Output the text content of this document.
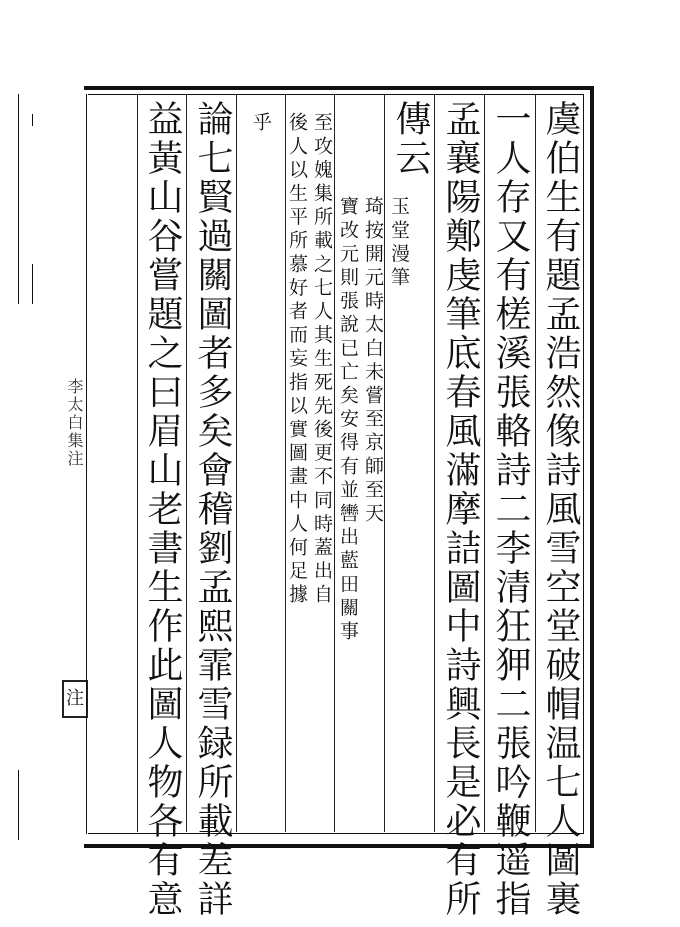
李太白集注
注	虞伯生有題孟浩然像詩風雪空堂破帽温七人圖裏
一人存又有槎溪張輅詩二李清狂狎二張吟鞭遥指
孟襄陽鄭虔筆底春風滿摩詰圖中詩興長是必有所
傳云
玉堂漫筆
琦按開元時太白未嘗至京師至天
寶改元則張說已亡矣安得有並轡出藍田關事
至攻媿集所載之七人其生死先後更不同時蓋出自
後人以生平所慕好者而妄指以實圖畫中人何足據
乎
論七賢過關圖者多矣會稽劉孟熙霏雪録所載差詳
益黃山谷嘗題之曰眉山老書生作此圖人物各有意
